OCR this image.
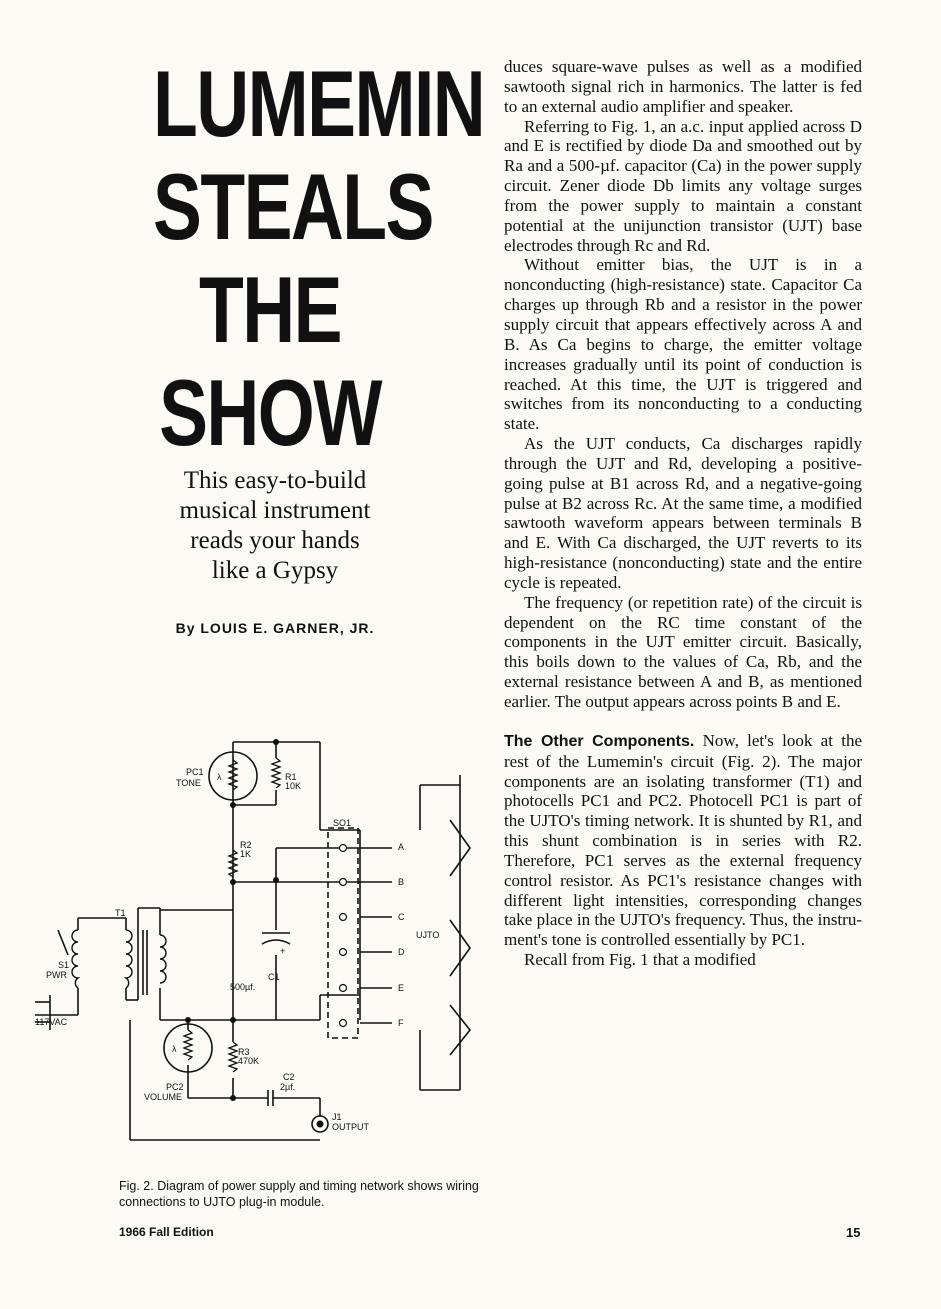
LUMEMIN
STEALS
THE
SHOW
This easy-to-build
musical instrument
reads your hands
like a Gypsy
By LOUIS E. GARNER, JR.
PC1
TONE
λ	R1
10K
SO1
R2
1K
T1
S1
PWR
117VAC
+
C1
500µf.
UJTO
A
B
C
D
E
F
R3
470K
λ
PC2
VOLUME
C2
2µf.
J1
OUTPUT
Fig. 2. Diagram of power supply and timing network shows wiring connections to UJTO plug-in module.

duces square-wave pulses as well as a modified sawtooth signal rich in harmonics. The latter is fed to an external audio amplifier and speaker.

Referring to Fig. 1, an a.c. input applied across D and E is rectified by diode Da and smoothed out by Ra and a 500-µf. capacitor (Ca) in the power supply circuit. Zener diode Db limits any voltage surges from the power supply to maintain a constant potential at the unijunction transistor (UJT) base electrodes through Rc and Rd.

Without emitter bias, the UJT is in a nonconducting (high-resistance) state. Capacitor Ca charges up through Rb and a resistor in the power supply circuit that appears effectively across A and B. As Ca begins to charge, the emitter voltage increases gradually until its point of conduction is reached. At this time, the UJT is triggered and switches from its nonconducting to a conducting state.

As the UJT conducts, Ca discharges rapidly through the UJT and Rd, developing a positive-going pulse at B1 across Rd, and a negative-going pulse at B2 across Rc. At the same time, a modified sawtooth waveform appears between terminals B and E. With Ca discharged, the UJT reverts to its high-resistance (nonconducting) state and the entire cycle is repeated.

The frequency (or repetition rate) of the circuit is dependent on the RC time constant of the components in the UJT emitter circuit. Basically, this boils down to the values of Ca, Rb, and the external resistance between A and B, as mentioned earlier. The output appears across points B and E.

The Other Components. Now, let's look at the rest of the Lumemin's circuit (Fig. 2). The major components are an isolating transformer (T1) and photocells PC1 and PC2. Photocell PC1 is part of the UJTO's timing network. It is shunted by R1, and this shunt combination is in series with R2. Therefore, PC1 serves as the external frequency control resistor. As PC1's resistance changes with different light intensities, corresponding changes take place in the UJTO's frequency. Thus, the instrument's tone is controlled essentially by PC1.

Recall from Fig. 1 that a modified

1966 Fall Edition	15
